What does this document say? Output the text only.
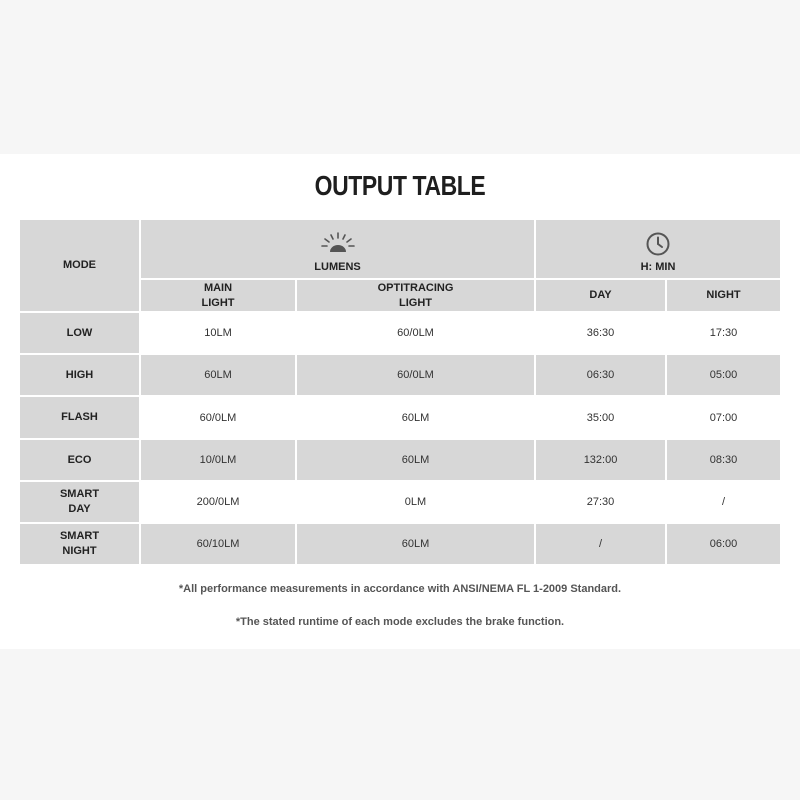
OUTPUT TABLE
MODE	LUMENS		H: MIN	

	MAIN LIGHT	OPTITRACING LIGHT	DAY	NIGHT
LOW	10LM	60/0LM	36:30	17:30
HIGH	60LM	60/0LM	06:30	05:00
FLASH	60/0LM	60LM	35:00	07:00
ECO	10/0LM	60LM	132:00	08:30
SMART DAY	200/0LM	0LM	27:30	/
SMART NIGHT	60/10LM	60LM	/	06:00
*All performance measurements in accordance with ANSI/NEMA FL 1-2009 Standard.
*The stated runtime of each mode excludes the brake function.
